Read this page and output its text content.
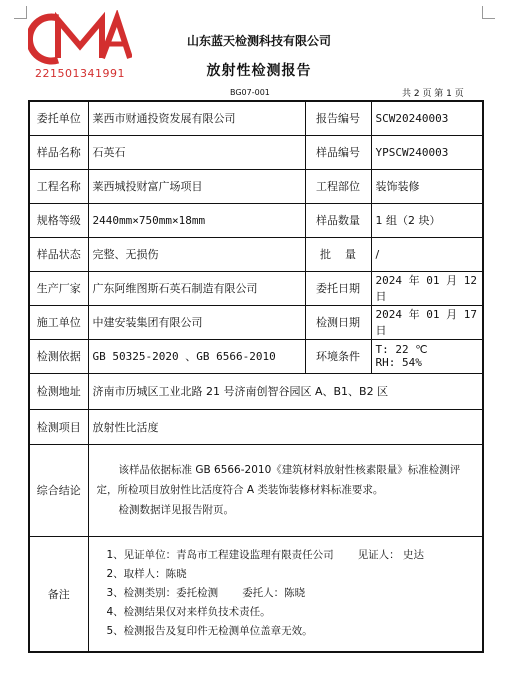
221501341991
山东蓝天检测科技有限公司
放射性检测报告
BG07-001	共 2 页 第 1 页
委托单位	莱西市财通投资发展有限公司	报告编号	SCW20240003
样品名称	石英石	样品编号	YPSCW240003
工程名称	莱西城投财富广场项目	工程部位	装饰装修
规格等级	2440mm×750mm×18mm	样品数量	1 组（2 块）
样品状态	完整、无损伤	批    量	/
生产厂家	广东阿维图斯石英石制造有限公司	委托日期	2024 年 01 月 12 日
施工单位	中建安装集团有限公司	检测日期	2024 年 01 月 17 日
检测依据	GB 50325-2020 、GB 6566-2010	环境条件	T: 22 ℃
RH: 54%

检测地址	济南市历城区工业北路 21 号济南创智谷园区 A、B1、B2 区		
检测项目	放射性比活度		
综合结论	该样品依据标准 GB 6566-2010《建筑材料放射性核素限量》标准检测评定，所检项目放射性比活度符合 A 类装饰装修材料标准要求。

检测数据详见报告附页。		

备注	1、见证单位：青岛市工程建设监理有限责任公司 见证人： 史达
2、取样人：陈晓
3、检测类别：委托检测 委托人：陈晓
4、检测结果仅对来样负技术责任。
5、检测报告及复印件无检测单位盖章无效。		
